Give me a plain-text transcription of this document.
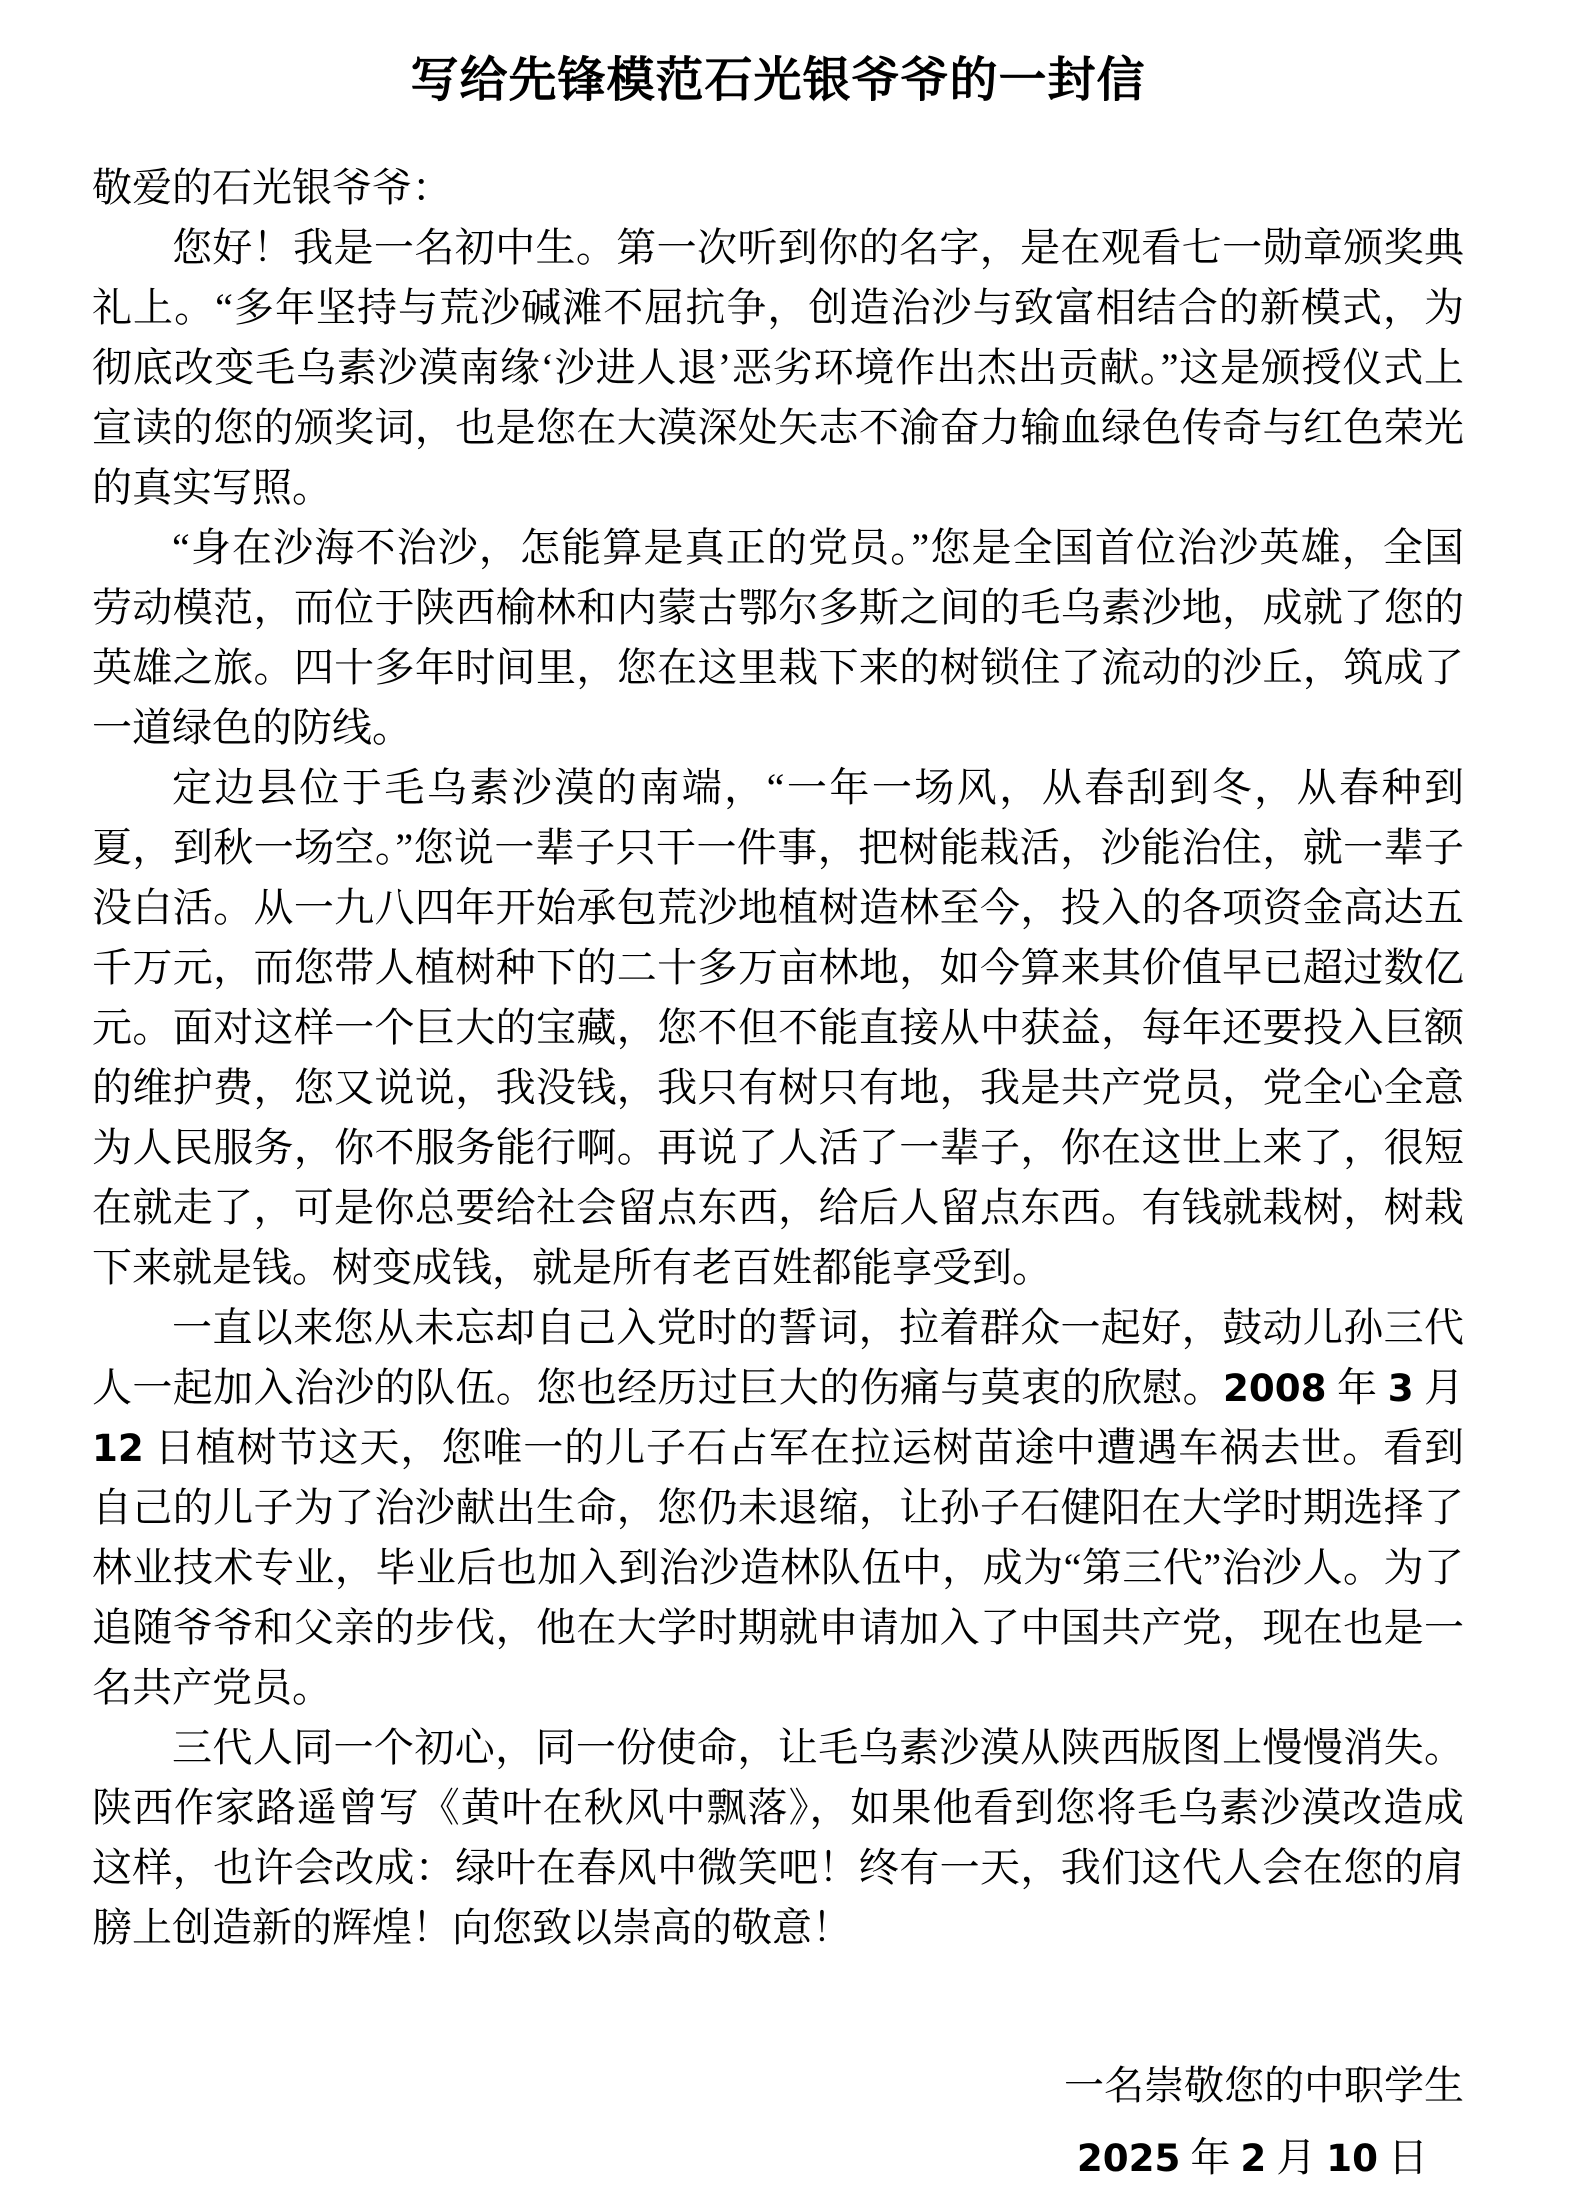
写给先锋模范石光银爷爷的一封信

敬爱的石光银爷爷：

您好！我是一名初中生。第一次听到你的名字，是在观看七一勋章颁奖典礼上。“多年坚持与荒沙碱滩不屈抗争，创造治沙与致富相结合的新模式，为彻底改变毛乌素沙漠南缘‘沙进人退’恶劣环境作出杰出贡献。”这是颁授仪式上宣读的您的颁奖词，也是您在大漠深处矢志不渝奋力输血绿色传奇与红色荣光的真实写照。

“身在沙海不治沙，怎能算是真正的党员。”您是全国首位治沙英雄，全国劳动模范，而位于陕西榆林和内蒙古鄂尔多斯之间的毛乌素沙地，成就了您的英雄之旅。四十多年时间里，您在这里栽下来的树锁住了流动的沙丘，筑成了一道绿色的防线。

定边县位于毛乌素沙漠的南端，“一年一场风，从春刮到冬，从春种到夏，到秋一场空。”您说一辈子只干一件事，把树能栽活，沙能治住，就一辈子没白活。从一九八四年开始承包荒沙地植树造林至今，投入的各项资金高达五千万元，而您带人植树种下的二十多万亩林地，如今算来其价值早已超过数亿元。面对这样一个巨大的宝藏，您不但不能直接从中获益，每年还要投入巨额的维护费，您又说说，我没钱，我只有树只有地，我是共产党员，党全心全意为人民服务，你不服务能行啊。再说了人活了一辈子，你在这世上来了，很短在就走了，可是你总要给社会留点东西，给后人留点东西。有钱就栽树，树栽下来就是钱。树变成钱，就是所有老百姓都能享受到。

一直以来您从未忘却自己入党时的誓词，拉着群众一起好，鼓动儿孙三代人一起加入治沙的队伍。您也经历过巨大的伤痛与莫衷的欣慰。2008 年 3 月 12 日植树节这天，您唯一的儿子石占军在拉运树苗途中遭遇车祸去世。看到自己的儿子为了治沙献出生命，您仍未退缩，让孙子石健阳在大学时期选择了林业技术专业，毕业后也加入到治沙造林队伍中，成为“第三代”治沙人。为了追随爷爷和父亲的步伐，他在大学时期就申请加入了中国共产党，现在也是一名共产党员。

三代人同一个初心，同一份使命，让毛乌素沙漠从陕西版图上慢慢消失。陕西作家路遥曾写《黄叶在秋风中飘落》，如果他看到您将毛乌素沙漠改造成这样，也许会改成：绿叶在春风中微笑吧！终有一天，我们这代人会在您的肩膀上创造新的辉煌！向您致以崇高的敬意！

一名崇敬您的中职学生
2025 年 2 月 10 日
